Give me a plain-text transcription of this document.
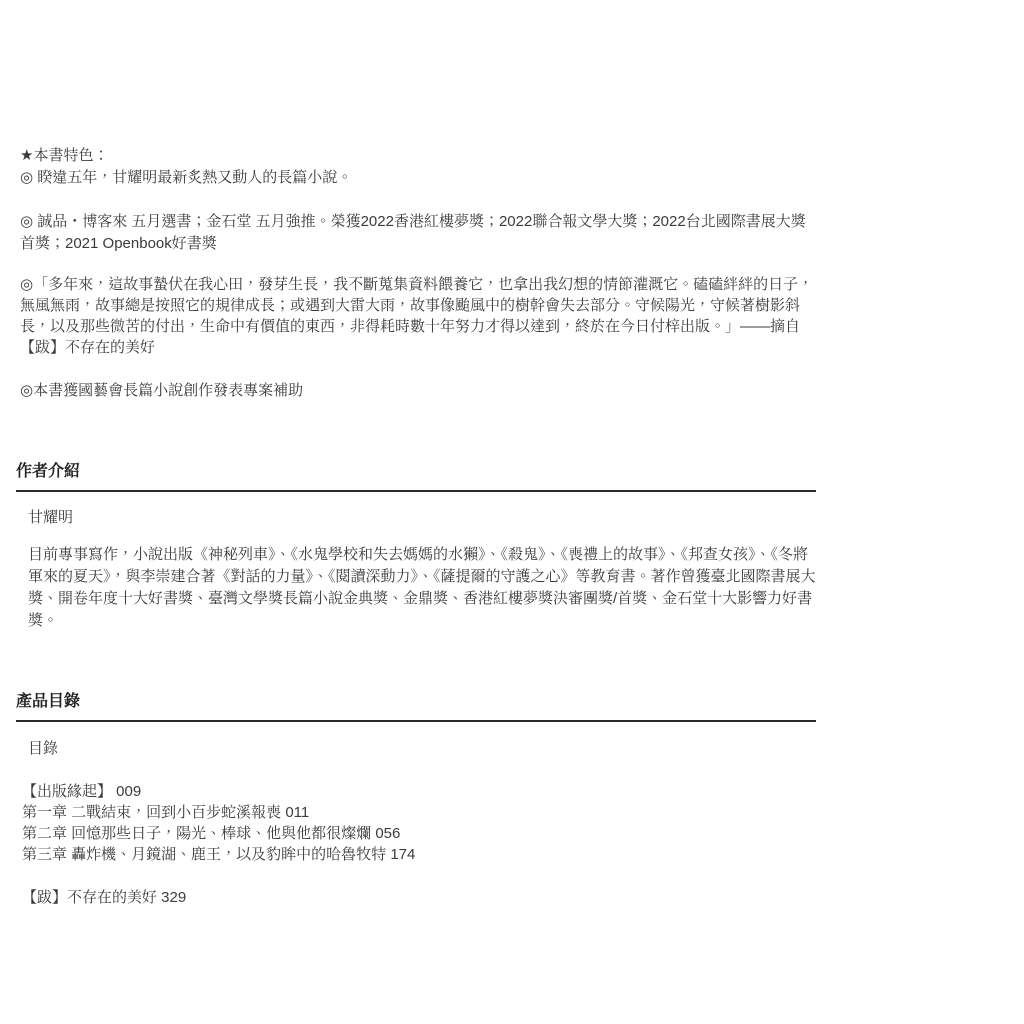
★本書特色：

◎ 睽違五年，甘耀明最新炙熱又動人的長篇小說。

◎ 誠品・博客來 五月選書；金石堂 五月強推。榮獲2022香港紅樓夢獎；2022聯合報文學大獎；2022台北國際書展大獎首獎；2021 Openbook好書獎

◎「多年來，這故事蟄伏在我心田，發芽生長，我不斷蒐集資料餵養它，也拿出我幻想的情節灌溉它。磕磕絆絆的日子，無風無雨，故事總是按照它的規律成長；或遇到大雷大雨，故事像颱風中的樹幹會失去部分。守候陽光，守候著樹影斜長，以及那些微苦的付出，生命中有價值的東西，非得耗時數十年努力才得以達到，終於在今日付梓出版。」——摘自【跋】不存在的美好

◎本書獲國藝會長篇小說創作發表專案補助

作者介紹

甘耀明

目前專事寫作，小說出版《神秘列車》、《水鬼學校和失去媽媽的水獺》、《殺鬼》、《喪禮上的故事》、《邦查女孩》、《冬將軍來的夏天》，與李崇建合著《對話的力量》、《閱讀深動力》、《薩提爾的守護之心》等教育書。著作曾獲臺北國際書展大獎、開卷年度十大好書獎、臺灣文學獎長篇小說金典獎、金鼎獎、香港紅樓夢獎決審團獎/首獎、金石堂十大影響力好書獎。

產品目錄

目錄

【出版緣起】 009

第一章 二戰結束，回到小百步蛇溪報喪 011

第二章 回憶那些日子，陽光、棒球、他與他都很燦爛 056

第三章 轟炸機、月鏡湖、鹿王，以及豹眸中的哈魯牧特 174

【跋】不存在的美好 329
